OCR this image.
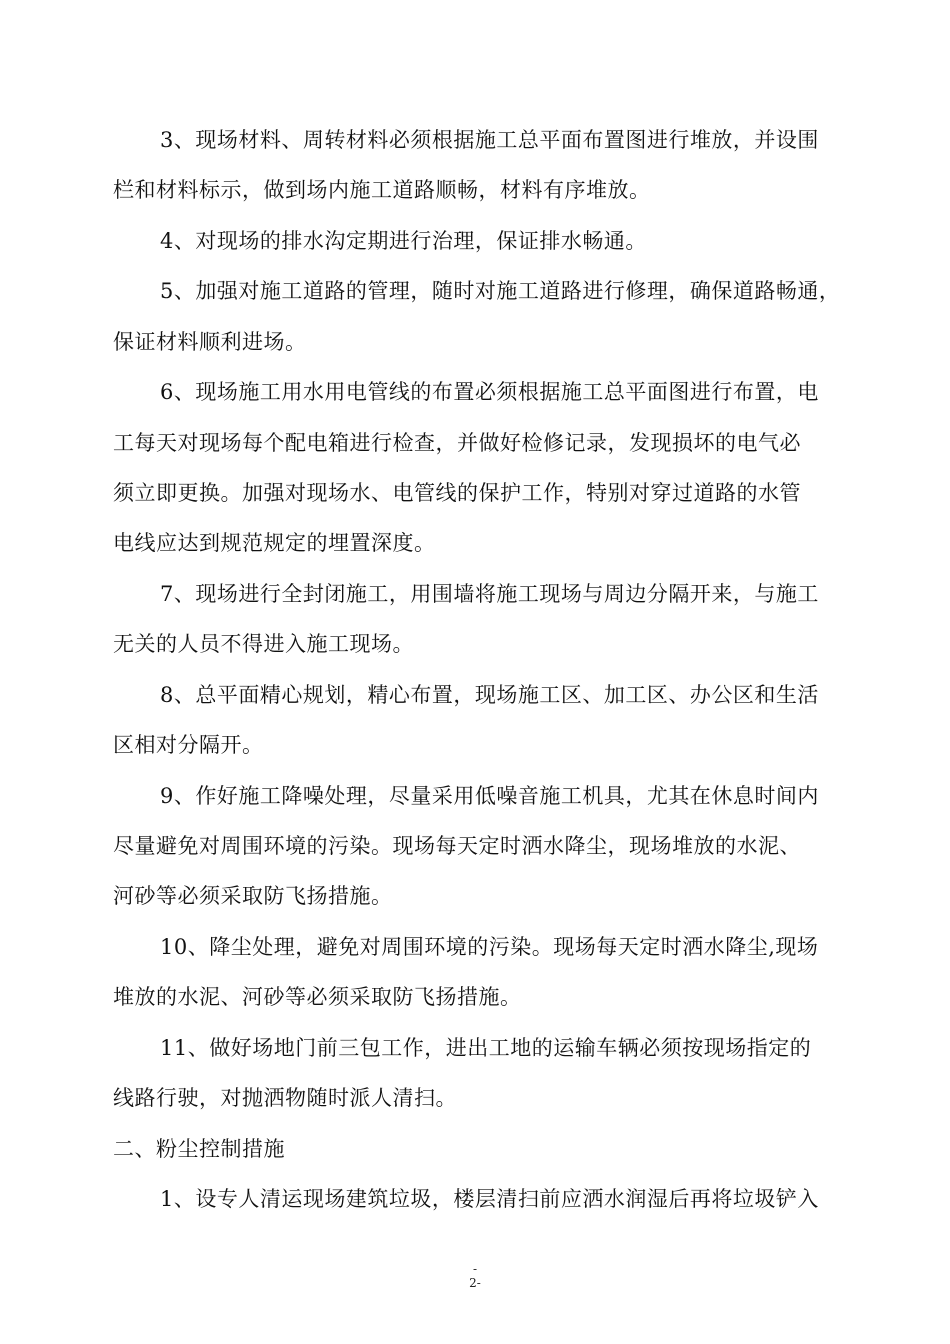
3、现场材料、周转材料必须根据施工总平面布置图进行堆放，并设围
栏和材料标示，做到场内施工道路顺畅，材料有序堆放。
4、对现场的排水沟定期进行治理，保证排水畅通。
5、加强对施工道路的管理，随时对施工道路进行修理，确保道路畅通，
保证材料顺利进场。
6、现场施工用水用电管线的布置必须根据施工总平面图进行布置，电
工每天对现场每个配电箱进行检查，并做好检修记录，发现损坏的电气必
须立即更换。加强对现场水、电管线的保护工作，特别对穿过道路的水管
电线应达到规范规定的埋置深度。
7、现场进行全封闭施工，用围墙将施工现场与周边分隔开来，与施工
无关的人员不得进入施工现场。
8、总平面精心规划，精心布置，现场施工区、加工区、办公区和生活
区相对分隔开。
9、作好施工降噪处理，尽量采用低噪音施工机具，尤其在休息时间内
尽量避免对周围环境的污染。现场每天定时洒水降尘，现场堆放的水泥、
河砂等必须采取防飞扬措施。
10、降尘处理，避免对周围环境的污染。现场每天定时洒水降尘,现场
堆放的水泥、河砂等必须采取防飞扬措施。
11、做好场地门前三包工作，进出工地的运输车辆必须按现场指定的
线路行驶，对抛洒物随时派人清扫。
二、粉尘控制措施
1、设专人清运现场建筑垃圾，楼层清扫前应洒水润湿后再将垃圾铲入
-
2-
